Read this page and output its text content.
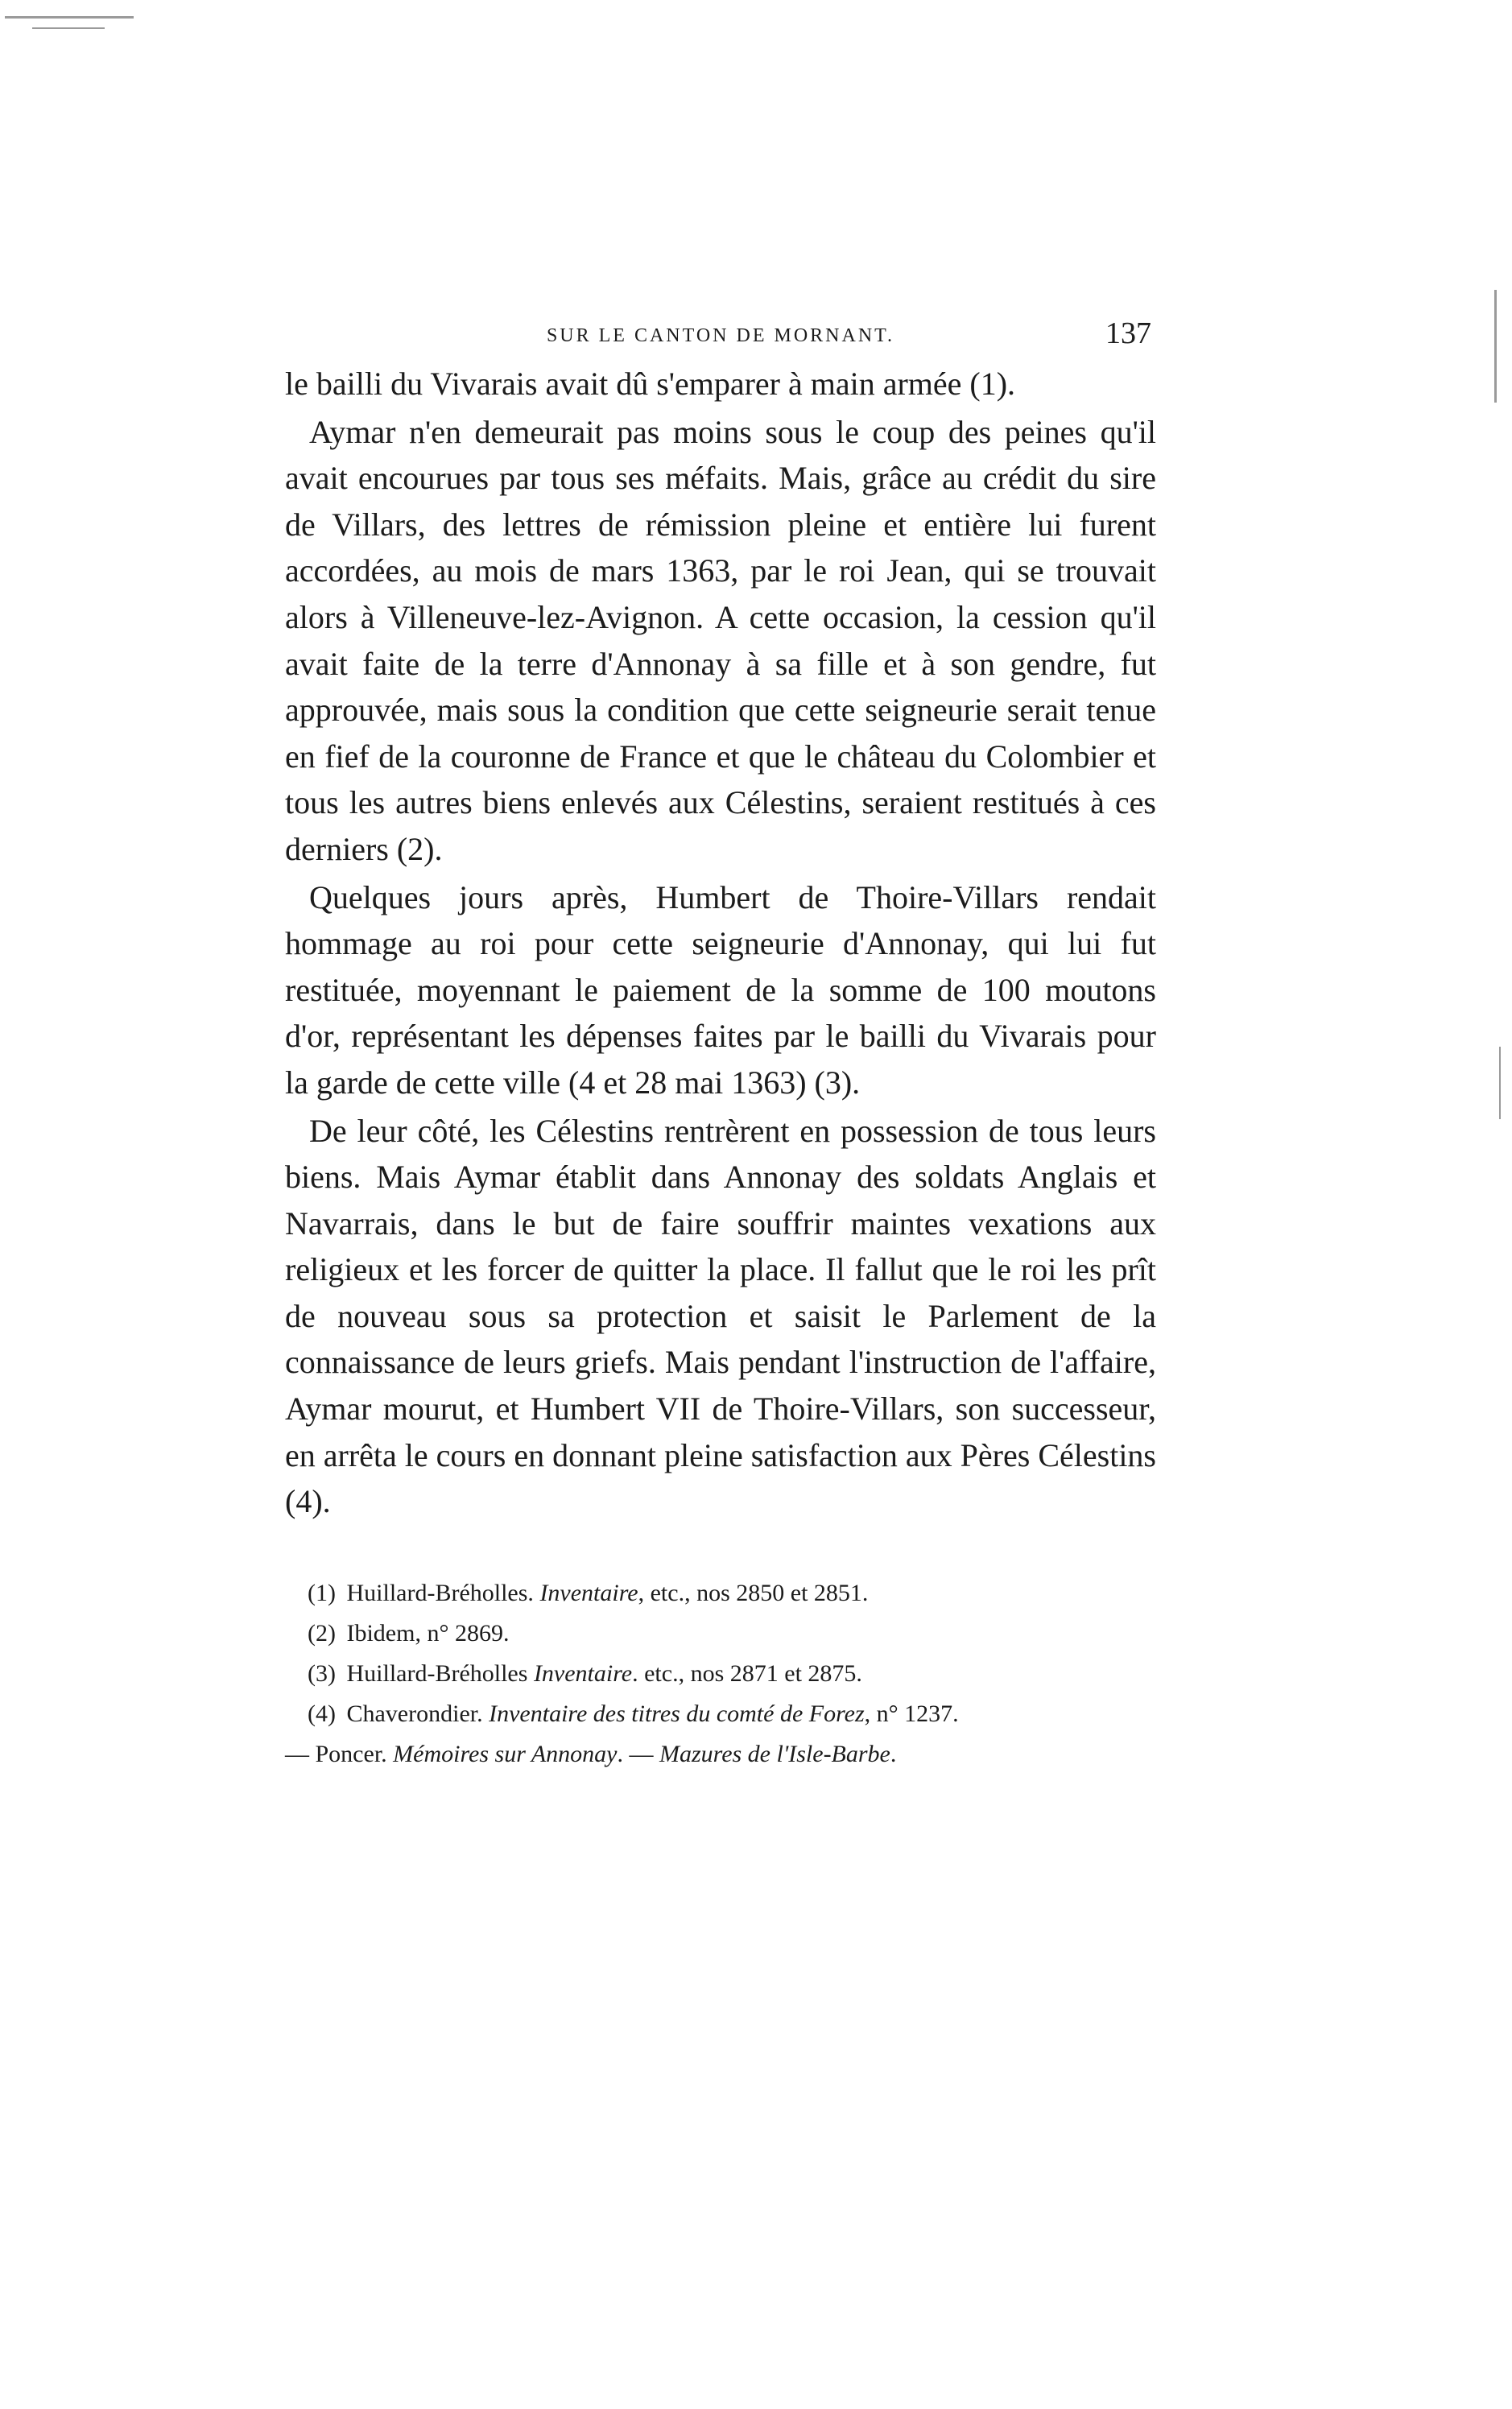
SUR LE CANTON DE MORNANT.	137

le bailli du Vivarais avait dû s'emparer à main armée (1).

Aymar n'en demeurait pas moins sous le coup des peines qu'il avait encourues par tous ses méfaits. Mais, grâce au crédit du sire de Villars, des lettres de rémission pleine et entière lui furent accordées, au mois de mars 1363, par le roi Jean, qui se trouvait alors à Villeneuve-lez-Avignon. A cette occasion, la cession qu'il avait faite de la terre d'Annonay à sa fille et à son gendre, fut approuvée, mais sous la condition que cette seigneurie serait tenue en fief de la couronne de France et que le château du Colombier et tous les autres biens enlevés aux Célestins, seraient restitués à ces derniers (2).

Quelques jours après, Humbert de Thoire-Villars rendait hommage au roi pour cette seigneurie d'Annonay, qui lui fut restituée, moyennant le paiement de la somme de 100 moutons d'or, représentant les dépenses faites par le bailli du Vivarais pour la garde de cette ville (4 et 28 mai 1363) (3).

De leur côté, les Célestins rentrèrent en possession de tous leurs biens. Mais Aymar établit dans Annonay des soldats Anglais et Navarrais, dans le but de faire souffrir maintes vexations aux religieux et les forcer de quitter la place. Il fallut que le roi les prît de nouveau sous sa protection et saisit le Parlement de la connaissance de leurs griefs. Mais pendant l'instruction de l'affaire, Aymar mourut, et Humbert VII de Thoire-Villars, son successeur, en arrêta le cours en donnant pleine satisfaction aux Pères Célestins (4).

(1) Huillard-Bréholles. Inventaire, etc., nos 2850 et 2851.
(2) Ibidem, n° 2869.
(3) Huillard-Bréholles Inventaire. etc., nos 2871 et 2875.
(4) Chaverondier. Inventaire des titres du comté de Forez, n° 1237.
— Poncer. Mémoires sur Annonay. — Mazures de l'Isle-Barbe.
